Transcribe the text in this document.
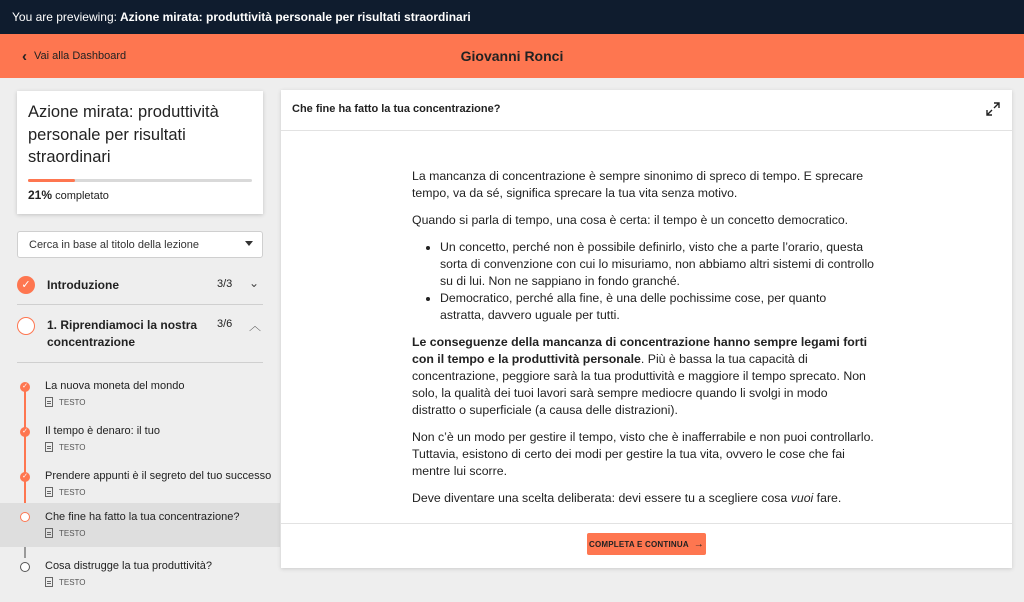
You are previewing: Azione mirata: produttività personale per risultati straordinari
‹ Vai alla Dashboard	Giovanni Ronci
Azione mirata: produttività personale per risultati straordinari
21% completato
Cerca in base al titolo della lezione
✓	Introduzione	3/3 ⌄
1. Riprendiamoci la nostra concentrazione
3/6 ︿
✓ La nuova moneta del mondo
TESTO
✓ Il tempo è denaro: il tuo
TESTO
✓ Prendere appunti è il segreto del tuo successo
TESTO
Che fine ha fatto la tua concentrazione?
TESTO
Cosa distrugge la tua produttività?
TESTO
Che fine ha fatto la tua concentrazione?

La mancanza di concentrazione è sempre sinonimo di spreco di tempo. E sprecare tempo, va da sé, significa sprecare la tua vita senza motivo.

Quando si parla di tempo, una cosa è certa: il tempo è un concetto democratico.

• Un concetto, perché non è possibile definirlo, visto che a parte l’orario, questa sorta di convenzione con cui lo misuriamo, non abbiamo altri sistemi di controllo su di lui. Non ne sappiano in fondo granché.
• Democratico, perché alla fine, è una delle pochissime cose, per quanto astratta, davvero uguale per tutti.

Le conseguenze della mancanza di concentrazione hanno sempre legami forti con il tempo e la produttività personale. Più è bassa la tua capacità di concentrazione, peggiore sarà la tua produttività e maggiore il tempo sprecato. Non solo, la qualità dei tuoi lavori sarà sempre mediocre quando li svolgi in modo distratto o superficiale (a causa delle distrazioni).

Non c’è un modo per gestire il tempo, visto che è inafferrabile e non puoi controllarlo. Tuttavia, esistono di certo dei modi per gestire la tua vita, ovvero le cose che fai mentre lui scorre.

Deve diventare una scelta deliberata: devi essere tu a scegliere cosa vuoi fare.

COMPLETA E CONTINUA →
